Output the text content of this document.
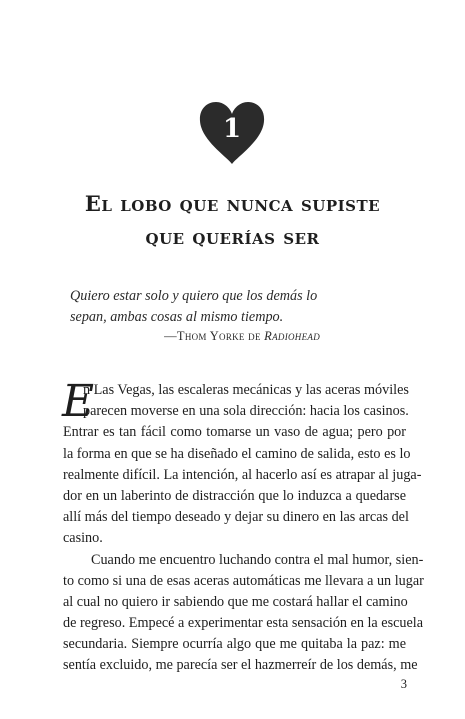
1
El lobo que nunca supiste
que querías ser
Quiero estar solo y quiero que los demás lo
sepan, ambas cosas al mismo tiempo.
—Thom Yorke de Radiohead
E
n Las Vegas, las escaleras mecánicas y las aceras móviles
parecen moverse en una sola dirección: hacia los casinos.
Entrar es tan fácil como tomarse un vaso de agua; pero por
la forma en que se ha diseñado el camino de salida, esto es lo
realmente difícil. La intención, al hacerlo así es atrapar al juga-
dor en un laberinto de distracción que lo induzca a quedarse
allí más del tiempo deseado y dejar su dinero en las arcas del
casino.
Cuando me encuentro luchando contra el mal humor, sien-
to como si una de esas aceras automáticas me llevara a un lugar
al cual no quiero ir sabiendo que me costará hallar el camino
de regreso. Empecé a experimentar esta sensación en la escuela
secundaria. Siempre ocurría algo que me quitaba la paz: me
sentía excluido, me parecía ser el hazmerreír de los demás, me
3
